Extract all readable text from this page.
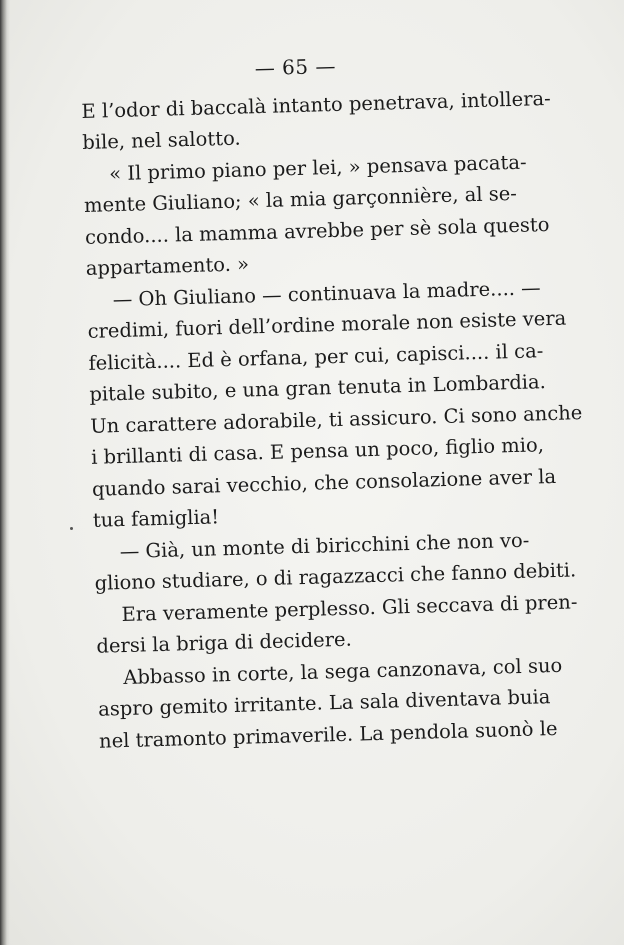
— 65 —
E l’odor di baccalà intanto penetrava, intollera-
bile, nel salotto.
« Il primo piano per lei, » pensava pacata-
mente Giuliano; « la mia garçonnière, al se-
condo.... la mamma avrebbe per sè sola questo
appartamento. »
— Oh Giuliano — continuava la madre.... —
credimi, fuori dell’ordine morale non esiste vera
felicità.... Ed è orfana, per cui, capisci.... il ca-
pitale subito, e una gran tenuta in Lombardia.
Un carattere adorabile, ti assicuro. Ci sono anche
i brillanti di casa. E pensa un poco, figlio mio,
quando sarai vecchio, che consolazione aver la
tua famiglia!
— Già, un monte di biricchini che non vo-
gliono studiare, o di ragazzacci che fanno debiti.
Era veramente perplesso. Gli seccava di pren-
dersi la briga di decidere.
Abbasso in corte, la sega canzonava, col suo
aspro gemito irritante. La sala diventava buia
nel tramonto primaverile. La pendola suonò le
